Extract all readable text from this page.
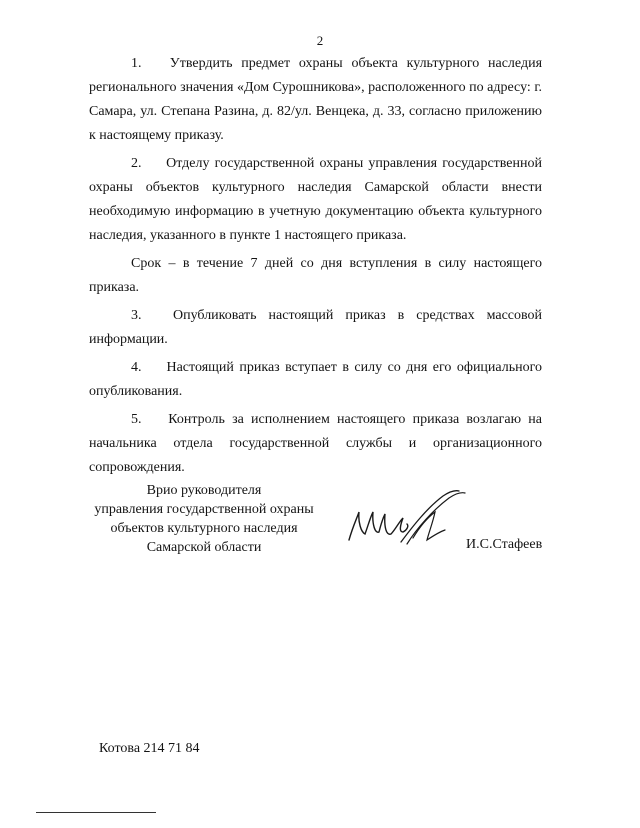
2

1. Утвердить предмет охраны объекта культурного наследия регионального значения «Дом Сурошникова», расположенного по адресу: г. Самара, ул. Степана Разина, д. 82/ул. Венцека, д. 33, согласно приложению к настоящему приказу.

2. Отделу государственной охраны управления государственной охраны объектов культурного наследия Самарской области внести необходимую информацию в учетную документацию объекта культурного наследия, указанного в пункте 1 настоящего приказа.

Срок – в течение 7 дней со дня вступления в силу настоящего приказа.

3. Опубликовать настоящий приказ в средствах массовой информации.

4. Настоящий приказ вступает в силу со дня его официального опубликования.

5. Контроль за исполнением настоящего приказа возлагаю на начальника отдела государственной службы и организационного сопровождения.

Врио руководителя
управления государственной охраны
объектов культурного наследия
Самарской области	И.С.Стафеев
Котова 214 71 84
